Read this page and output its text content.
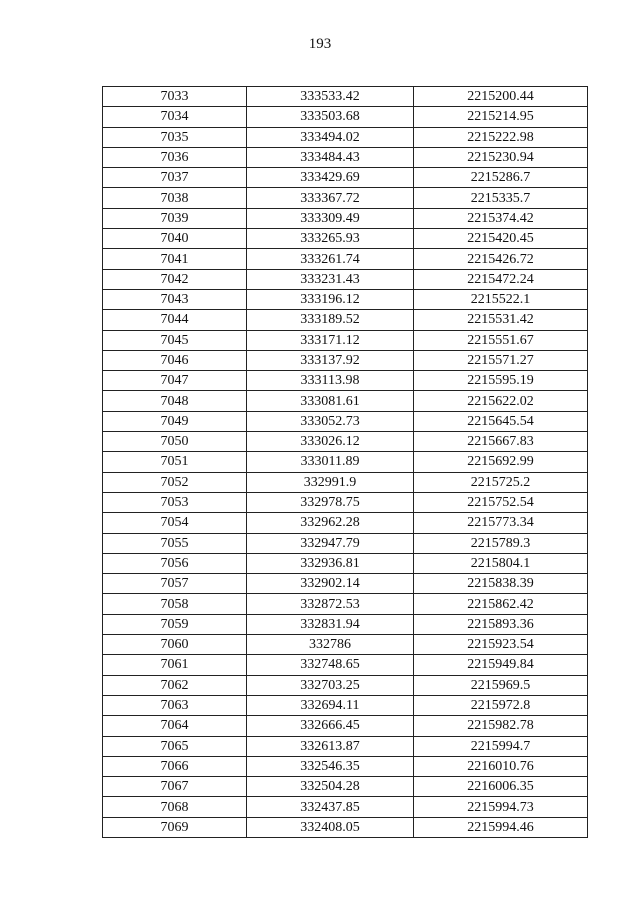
193
7033	333533.42	2215200.44
7034	333503.68	2215214.95
7035	333494.02	2215222.98
7036	333484.43	2215230.94
7037	333429.69	2215286.7
7038	333367.72	2215335.7
7039	333309.49	2215374.42
7040	333265.93	2215420.45
7041	333261.74	2215426.72
7042	333231.43	2215472.24
7043	333196.12	2215522.1
7044	333189.52	2215531.42
7045	333171.12	2215551.67
7046	333137.92	2215571.27
7047	333113.98	2215595.19
7048	333081.61	2215622.02
7049	333052.73	2215645.54
7050	333026.12	2215667.83
7051	333011.89	2215692.99
7052	332991.9	2215725.2
7053	332978.75	2215752.54
7054	332962.28	2215773.34
7055	332947.79	2215789.3
7056	332936.81	2215804.1
7057	332902.14	2215838.39
7058	332872.53	2215862.42
7059	332831.94	2215893.36
7060	332786	2215923.54
7061	332748.65	2215949.84
7062	332703.25	2215969.5
7063	332694.11	2215972.8
7064	332666.45	2215982.78
7065	332613.87	2215994.7
7066	332546.35	2216010.76
7067	332504.28	2216006.35
7068	332437.85	2215994.73
7069	332408.05	2215994.46
